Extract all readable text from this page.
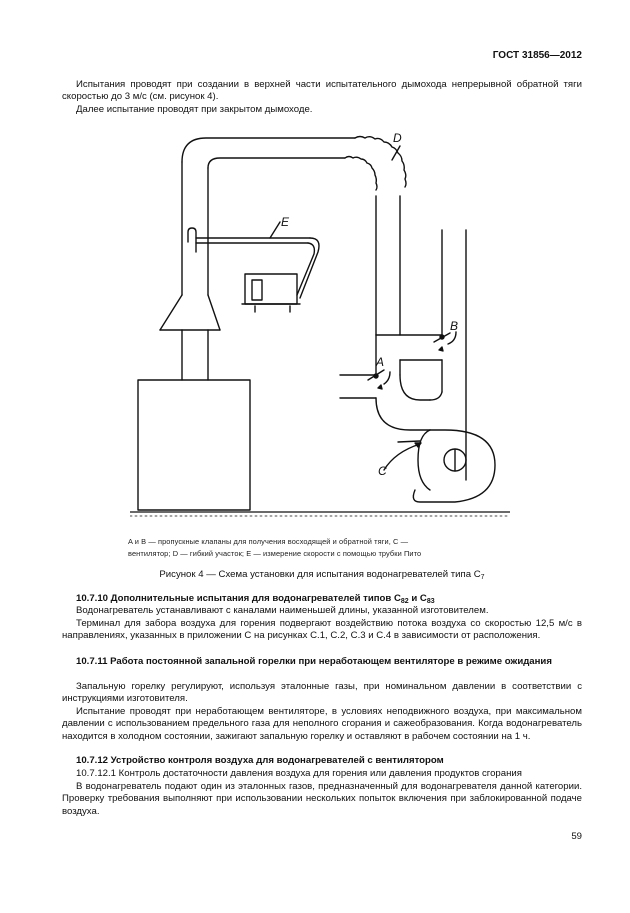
ГОСТ 31856—2012
Испытания проводят при создании в верхней части испытательного дымохода непрерывной обратной тяги скоростью до 3 м/с (см. рисунок 4).
Далее испытание проводят при закрытом дымоходе.
D
E
B
A
C
A и B — пропускные клапаны для получения восходящей и обратной тяги, C —
вентилятор; D — гибкий участок; E — измерение скорости с помощью трубки Пито
Рисунок 4 — Схема установки для испытания водонагревателей типа $C_7$
10.7.10 Дополнительные испытания для водонагревателей типов $C_{82}$ и $C_{83}$
Водонагреватель устанавливают с каналами наименьшей длины, указанной изготовителем.
Терминал для забора воздуха для горения подвергают воздействию потока воздуха со скоростью 12,5 м/с в направлениях, указанных в приложении С на рисунках С.1, С.2, С.3 и С.4 в зависимости от расположения.
10.7.11 Работа постоянной запальной горелки при неработающем вентиляторе в режиме ожидания
Запальную горелку регулируют, используя эталонные газы, при номинальном давлении в соответствии с инструкциями изготовителя.
Испытание проводят при неработающем вентиляторе, в условиях неподвижного воздуха, при максимальном давлении с использованием предельного газа для неполного сгорания и сажеобразования. Когда водонагреватель находится в холодном состоянии, зажигают запальную горелку и оставляют в рабочем состоянии на 1 ч.
10.7.12 Устройство контроля воздуха для водонагревателей с вентилятором
10.7.12.1 Контроль достаточности давления воздуха для горения или давления продуктов сгорания
В водонагреватель подают один из эталонных газов, предназначенный для водонагревателя данной категории. Проверку требования выполняют при использовании нескольких попыток включения при заблокированной подаче воздуха.
59
